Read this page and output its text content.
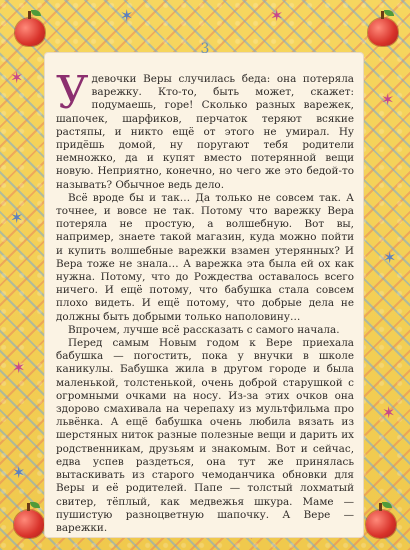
✶
✶
✶
✶
✶
✶
✶
✶	✶
3

У девочки Веры случилась беда: она потеряла варежку. Кто-то, быть может, скажет: подумаешь, горе! Сколько разных варежек, шапочек, шарфиков, перчаток теряют всякие растяпы, и никто ещё от этого не умирал. Ну придёшь домой, ну поругают тебя родители немножко, да и купят вместо потерянной вещи новую. Неприятно, конечно, но чего же это бедой-то называть? Обычное ведь дело.

Всё вроде бы и так… Да только не совсем так. А точнее, и вовсе не так. Потому что варежку Вера потеряла не простую, а волшебную. Вот вы, например, знаете такой магазин, куда можно пойти и купить волшебные варежки взамен утерянных? И Вера тоже не знала… А варежка эта была ей ох как нужна. Потому, что до Рождества оставалось всего ничего. И ещё потому, что бабушка стала совсем плохо видеть. И ещё потому, что добрые дела не должны быть добрыми только наполовину…

Впрочем, лучше всё рассказать с самого начала.

Перед самым Новым годом к Вере приехала бабушка — погостить, пока у внучки в школе каникулы. Бабушка жила в другом городе и была маленькой, толстенькой, очень доброй старушкой с огромными очками на носу. Из-за этих очков она здорово смахивала на черепаху из мультфильма про львёнка. А ещё бабушка очень любила вязать из шерстяных ниток разные полезные вещи и дарить их родственникам, друзьям и знакомым. Вот и сейчас, едва успев раздеться, она тут же принялась вытаскивать из старого чемоданчика обновки для Веры и её родителей. Папе — толстый лохматый свитер, тёплый, как медвежья шкура. Маме — пушистую разноцветную шапочку. А Вере — варежки.
